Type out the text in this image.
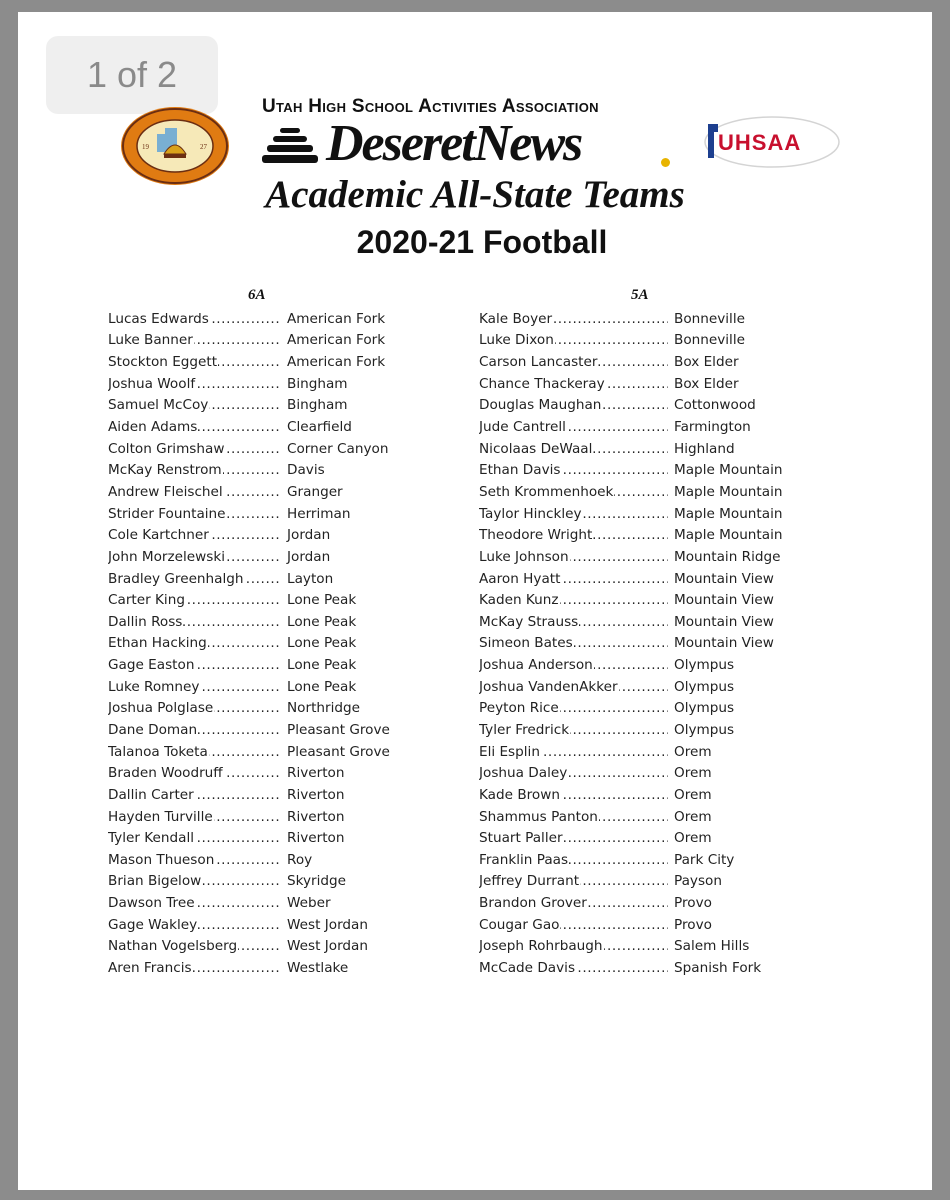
1 of 2
19	27
Utah High School Activities Association
DeseretNews	UHSAA
Academic All-State Teams
2020-21 Football
6A	5A
Lucas Edwards .....	American Fork
Luke Banner .....	American Fork
Stockton Eggett .....	American Fork
Joshua Woolf .....	Bingham
Samuel McCoy .....	Bingham
Aiden Adams .....	Clearfield
Colton Grimshaw .....	Corner Canyon
McKay Renstrom .....	Davis
Andrew Fleischel .....	Granger
Strider Fountaine .....	Herriman
Cole Kartchner .....	Jordan
John Morzelewski .....	Jordan
Bradley Greenhalgh .....	Layton
Carter King .....	Lone Peak
Dallin Ross .....	Lone Peak
Ethan Hacking .....	Lone Peak
Gage Easton .....	Lone Peak
Luke Romney .....	Lone Peak
Joshua Polglase .....	Northridge
Dane Doman .....	Pleasant Grove
Talanoa Toketa .....	Pleasant Grove
Braden Woodruff .....	Riverton
Dallin Carter .....	Riverton
Hayden Turville .....	Riverton
Tyler Kendall .....	Riverton
Mason Thueson .....	Roy
Brian Bigelow .....	Skyridge
Dawson Tree .....	Weber
Gage Wakley .....	West Jordan
Nathan Vogelsberg .....	West Jordan
Aren Francis .....	Westlake
Kale Boyer .....	Bonneville
Luke Dixon .....	Bonneville
Carson Lancaster .....	Box Elder
Chance Thackeray .....	Box Elder
Douglas Maughan .....	Cottonwood
Jude Cantrell .....	Farmington
Nicolaas DeWaal .....	Highland
Ethan Davis .....	Maple Mountain
Seth Krommenhoek .....	Maple Mountain
Taylor Hinckley .....	Maple Mountain
Theodore Wright .....	Maple Mountain
Luke Johnson .....	Mountain Ridge
Aaron Hyatt .....	Mountain View
Kaden Kunz .....	Mountain View
McKay Strauss .....	Mountain View
Simeon Bates .....	Mountain View
Joshua Anderson .....	Olympus
Joshua VandenAkker .....	Olympus
Peyton Rice .....	Olympus
Tyler Fredrick .....	Olympus
Eli Esplin .....	Orem
Joshua Daley .....	Orem
Kade Brown .....	Orem
Shammus Panton .....	Orem
Stuart Paller .....	Orem
Franklin Paas .....	Park City
Jeffrey Durrant .....	Payson
Brandon Grover .....	Provo
Cougar Gao .....	Provo
Joseph Rohrbaugh .....	Salem Hills
McCade Davis .....	Spanish Fork
